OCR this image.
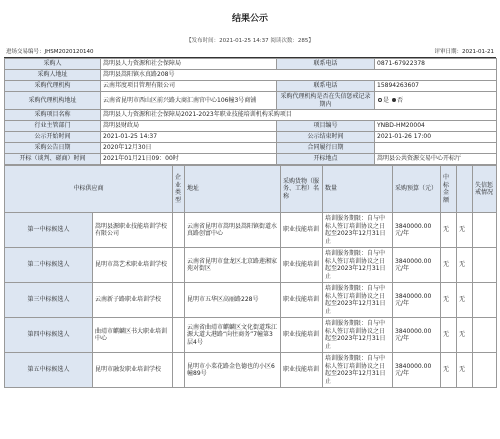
结果公示
【发布时间：2021-01-25 14:37 阅读次数：285】
进场交易编号：JHSM2020120140	评审日期：2021-01-21
采购人	嵩明县人力资源和社会保障局	联系电话	0871-67922378
采购人地址	嵩明县嵩阳镇水真路208号		
采购代理机构	云南邦度项目管理有限公司	联系电话	15894263607
采购代理机构地址	云南省昆明市西山区前兴路大商汇南官中心106幢3号商铺	采购代理机构是否在失信惩戒记录期内	是 否
采购项目名称	嵩明县人力资源和社会保障局2021-2023年职业技能培训机构采购项目		
行业主管部门	嵩明县财政局	项目编号	YNBD-HM20004
公示开始时间	2021-01-25 14:37	公示结束时间	2021-01-26 17:00
采购公告日期	2020年12月30日	合同履行日期	
开标（谈判、磋商）时间	2021年01月21日09：00时	开标地点	嵩明县公共资源交易中心开标厅
中标供应商		企业类型	地址	采购货物（服务、工程）名称	数量	采购预算（元）	中标金额		失信惩戒情况
第一中标候选人	嵩明县源职业技能培训学校有限公司		云南省昆明市嵩明县嵩阳镇街道水真路创富中心	职业技能培训	培训服务期限：自与中标人签订培训协议之日起至2023年12月31日止	3840000.00元/年	无	无	
第二中标候选人	昆明市嵩艺术职业培训学校		云南省昆明市盘龙区北京路莲湘家苑对街区	职业技能培训	培训服务期限：自与中标人签订培训协议之日起至2023年12月31日止	3840000.00元/年	无	无	
第三中标候选人	云南新子路职业培训学校		昆明市五华区高丽路228号	职业技能培训	培训服务期限：自与中标人签订培训协议之日起至2023年12月31日止	3840000.00元/年	无	无	
第四中标候选人	曲靖市麒麟区书大职业培训中心		云南省曲靖市麒麟区文化街道珠江源大道大港路“向往商务”7幢第3层4号	职业技能培训	培训服务期限：自与中标人签订培训协议之日起至2023年12月31日止	3840000.00元/年	无	无	
第五中标候选人	昆明市融发职业培训学校		昆明市小菜花路金色德也的小区6幢89号	职业技能培训	培训服务期限：自与中标人签订培训协议之日起至2023年12月31日止	3840000.00元/年	无	无	
